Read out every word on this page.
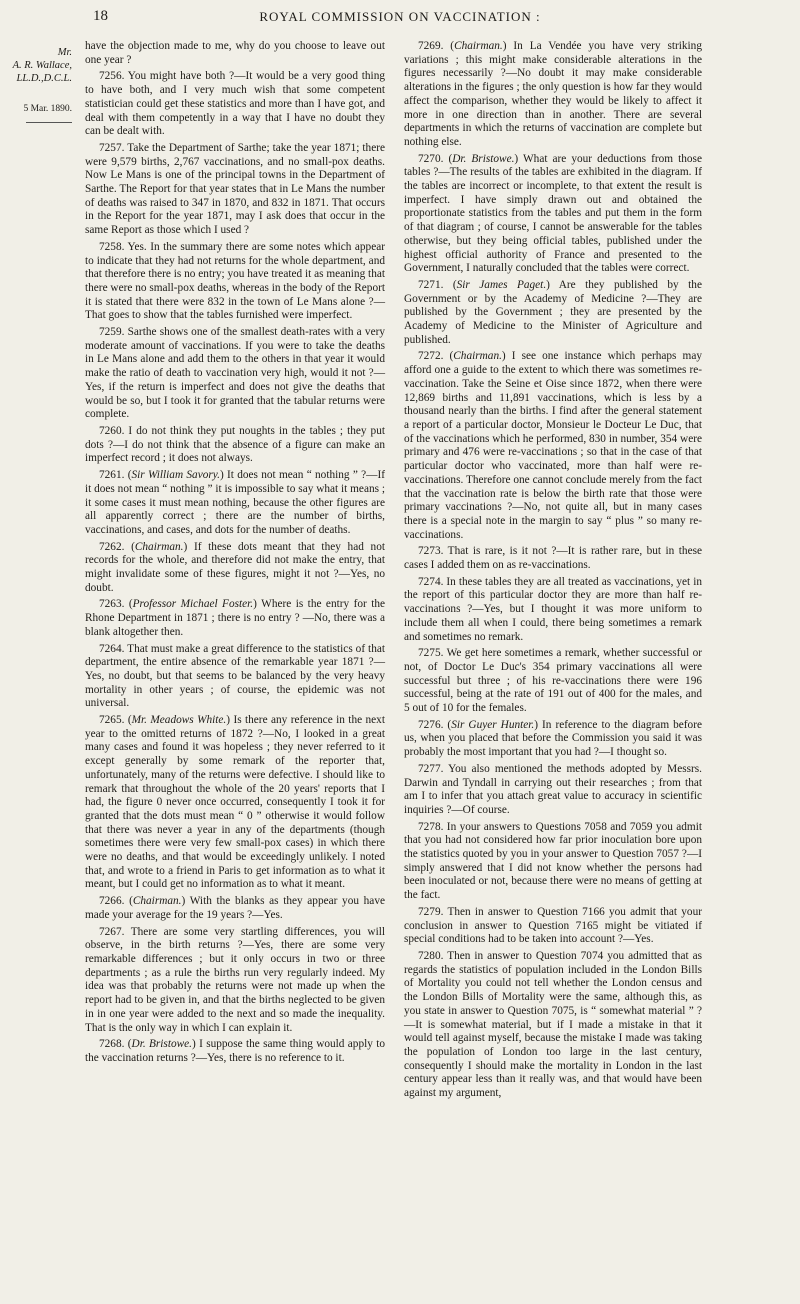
18	ROYAL COMMISSION ON VACCINATION :
Mr.
A. R. Wallace,
LL.D.,D.C.L.
5 Mar. 1890.

have the objection made to me, why do you choose to leave out one year ?

7256. You might have both ?—It would be a very good thing to have both, and I very much wish that some competent statistician could get these statistics and more than I have got, and deal with them competently in a way that I have no doubt they can be dealt with.

7257. Take the Department of Sarthe; take the year 1871; there were 9,579 births, 2,767 vaccinations, and no small-pox deaths. Now Le Mans is one of the principal towns in the Department of Sarthe. The Report for that year states that in Le Mans the number of deaths was raised to 347 in 1870, and 832 in 1871. That occurs in the Report for the year 1871, may I ask does that occur in the same Report as those which I used ?

7258. Yes. In the summary there are some notes which appear to indicate that they had not returns for the whole department, and that therefore there is no entry; you have treated it as meaning that there were no small-pox deaths, whereas in the body of the Report it is stated that there were 832 in the town of Le Mans alone ?—That goes to show that the tables furnished were imperfect.

7259. Sarthe shows one of the smallest death-rates with a very moderate amount of vaccinations. If you were to take the deaths in Le Mans alone and add them to the others in that year it would make the ratio of death to vaccination very high, would it not ?—Yes, if the return is imperfect and does not give the deaths that would be so, but I took it for granted that the tabular returns were complete.

7260. I do not think they put noughts in the tables ; they put dots ?—I do not think that the absence of a figure can make an imperfect record ; it does not always.

7261. (Sir William Savory.) It does not mean “ nothing ” ?—If it does not mean “ nothing ” it is impossible to say what it means ; it some cases it must mean nothing, because the other figures are all apparently correct ; there are the number of births, vaccinations, and cases, and dots for the number of deaths.

7262. (Chairman.) If these dots meant that they had not records for the whole, and therefore did not make the entry, that might invalidate some of these figures, might it not ?—Yes, no doubt.

7263. (Professor Michael Foster.) Where is the entry for the Rhone Department in 1871 ; there is no entry ? —No, there was a blank altogether then.

7264. That must make a great difference to the statistics of that department, the entire absence of the remarkable year 1871 ?—Yes, no doubt, but that seems to be balanced by the very heavy mortality in other years ; of course, the epidemic was not universal.

7265. (Mr. Meadows White.) Is there any reference in the next year to the omitted returns of 1872 ?—No, I looked in a great many cases and found it was hopeless ; they never referred to it except generally by some remark of the reporter that, unfortunately, many of the returns were defective. I should like to remark that throughout the whole of the 20 years' reports that I had, the figure 0 never once occurred, consequently I took it for granted that the dots must mean “ 0 ” otherwise it would follow that there was never a year in any of the departments (though sometimes there were very few small-pox cases) in which there were no deaths, and that would be exceedingly unlikely. I noted that, and wrote to a friend in Paris to get information as to what it meant, but I could get no information as to what it meant.

7266. (Chairman.) With the blanks as they appear you have made your average for the 19 years ?—Yes.

7267. There are some very startling differences, you will observe, in the birth returns ?—Yes, there are some very remarkable differences ; but it only occurs in two or three departments ; as a rule the births run very regularly indeed. My idea was that probably the returns were not made up when the report had to be given in, and that the births neglected to be given in in one year were added to the next and so made the inequality. That is the only way in which I can explain it.

7268. (Dr. Bristowe.) I suppose the same thing would apply to the vaccination returns ?—Yes, there is no reference to it.

7269. (Chairman.) In La Vendée you have very striking variations ; this might make considerable alterations in the figures necessarily ?—No doubt it may make considerable alterations in the figures ; the only question is how far they would affect the comparison, whether they would be likely to affect it more in one direction than in another. There are several departments in which the returns of vaccination are complete but nothing else.

7270. (Dr. Bristowe.) What are your deductions from those tables ?—The results of the tables are exhibited in the diagram. If the tables are incorrect or incomplete, to that extent the result is imperfect. I have simply drawn out and obtained the proportionate statistics from the tables and put them in the form of that diagram ; of course, I cannot be answerable for the tables otherwise, but they being official tables, published under the highest official authority of France and presented to the Government, I naturally concluded that the tables were correct.

7271. (Sir James Paget.) Are they published by the Government or by the Academy of Medicine ?—They are published by the Government ; they are presented by the Academy of Medicine to the Minister of Agriculture and published.

7272. (Chairman.) I see one instance which perhaps may afford one a guide to the extent to which there was sometimes re-vaccination. Take the Seine et Oise since 1872, when there were 12,869 births and 11,891 vaccinations, which is less by a thousand nearly than the births. I find after the general statement a report of a particular doctor, Monsieur le Docteur Le Duc, that of the vaccinations which he performed, 830 in number, 354 were primary and 476 were re-vaccinations ; so that in the case of that particular doctor who vaccinated, more than half were re-vaccinations. Therefore one cannot conclude merely from the fact that the vaccination rate is below the birth rate that those were primary vaccinations ?—No, not quite all, but in many cases there is a special note in the margin to say “ plus ” so many re-vaccinations.

7273. That is rare, is it not ?—It is rather rare, but in these cases I added them on as re-vaccinations.

7274. In these tables they are all treated as vaccinations, yet in the report of this particular doctor they are more than half re-vaccinations ?—Yes, but I thought it was more uniform to include them all when I could, there being sometimes a remark and sometimes no remark.

7275. We get here sometimes a remark, whether successful or not, of Doctor Le Duc's 354 primary vaccinations all were successful but three ; of his re-vaccinations there were 196 successful, being at the rate of 191 out of 400 for the males, and 5 out of 10 for the females.

7276. (Sir Guyer Hunter.) In reference to the diagram before us, when you placed that before the Commission you said it was probably the most important that you had ?—I thought so.

7277. You also mentioned the methods adopted by Messrs. Darwin and Tyndall in carrying out their researches ; from that am I to infer that you attach great value to accuracy in scientific inquiries ?—Of course.

7278. In your answers to Questions 7058 and 7059 you admit that you had not considered how far prior inoculation bore upon the statistics quoted by you in your answer to Question 7057 ?—I simply answered that I did not know whether the persons had been inoculated or not, because there were no means of getting at the fact.

7279. Then in answer to Question 7166 you admit that your conclusion in answer to Question 7165 might be vitiated if special conditions had to be taken into account ?—Yes.

7280. Then in answer to Question 7074 you admitted that as regards the statistics of population included in the London Bills of Mortality you could not tell whether the London census and the London Bills of Mortality were the same, although this, as you state in answer to Question 7075, is “ somewhat material ” ?—It is somewhat material, but if I made a mistake in that it would tell against myself, because the mistake I made was taking the population of London too large in the last century, consequently I should make the mortality in London in the last century appear less than it really was, and that would have been against my argument,
